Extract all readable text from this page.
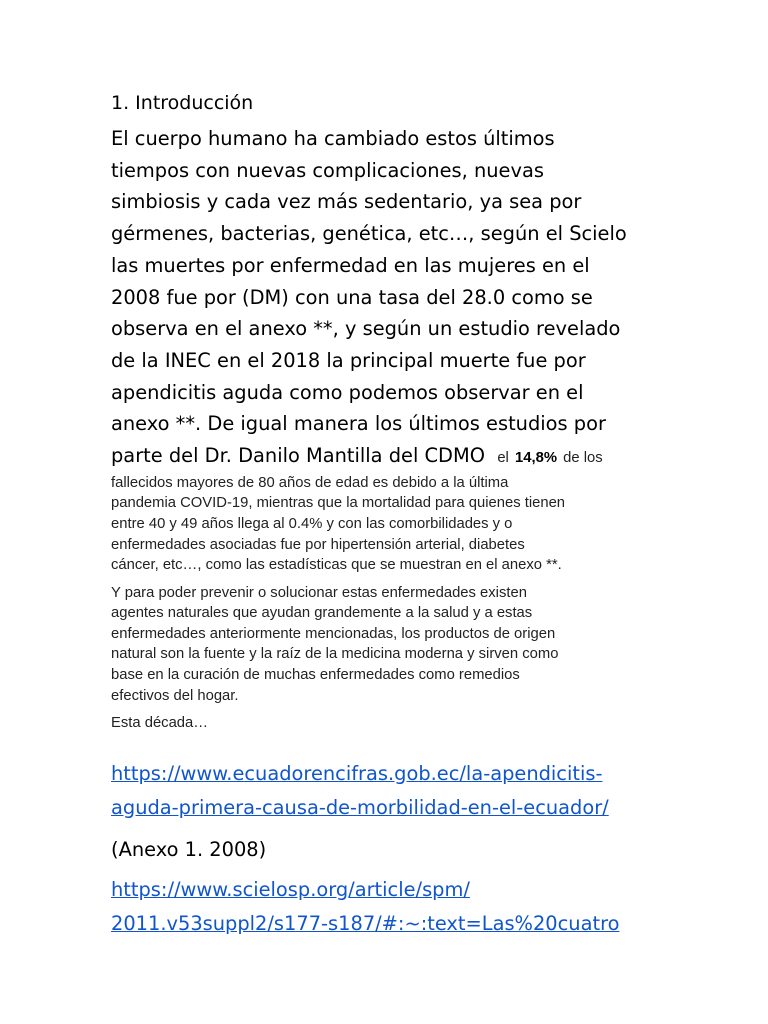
1. Introducción
El cuerpo humano ha cambiado estos últimos
tiempos con nuevas complicaciones, nuevas
simbiosis y cada vez más sedentario, ya sea por
gérmenes, bacterias, genética, etc…, según el Scielo
las muertes por enfermedad en las mujeres en el
2008 fue por (DM) con una tasa del 28.0 como se
observa en el anexo **, y según un estudio revelado
de la INEC en el 2018 la principal muerte fue por
apendicitis aguda como podemos observar en el
anexo **. De igual manera los últimos estudios por
parte del Dr. Danilo Mantilla del CDMO el 14,8% de los
fallecidos mayores de 80 años de edad es debido a la última
pandemia COVID-19, mientras que la mortalidad para quienes tienen
entre 40 y 49 años llega al 0.4% y con las comorbilidades y o
enfermedades asociadas fue por hipertensión arterial, diabetes
cáncer, etc…, como las estadísticas que se muestran en el anexo **.
Y para poder prevenir o solucionar estas enfermedades existen
agentes naturales que ayudan grandemente a la salud y a estas
enfermedades anteriormente mencionadas, los productos de origen
natural son la fuente y la raíz de la medicina moderna y sirven como
base en la curación de muchas enfermedades como remedios
efectivos del hogar.
Esta década…
https://www.ecuadorencifras.gob.ec/la-apendicitis-
aguda-primera-causa-de-morbilidad-en-el-ecuador/
(Anexo 1. 2008)
https://www.scielosp.org/article/spm/
2011.v53suppl2/s177-s187/#:~:text=Las%20cuatro
